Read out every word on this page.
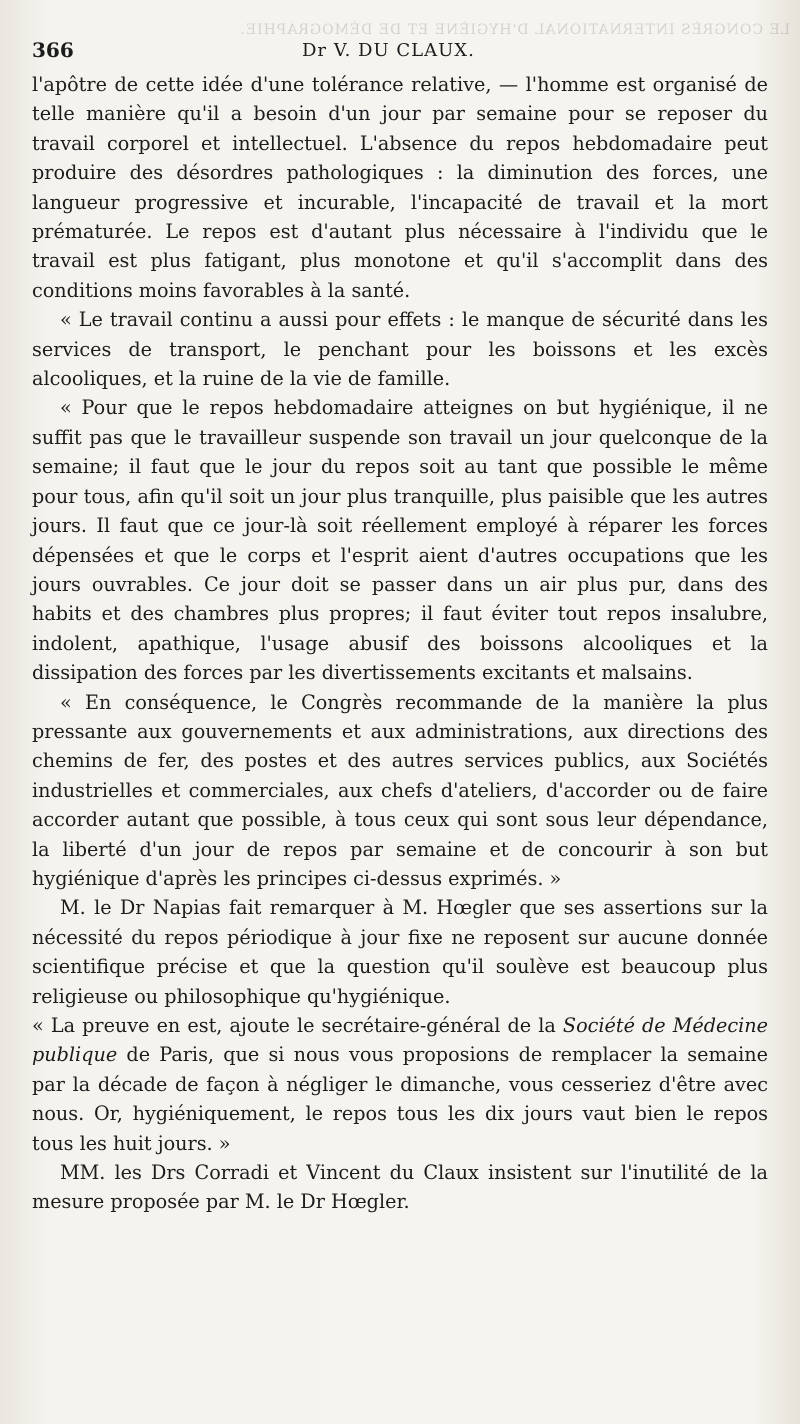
LE CONGRÈS INTERNATIONAL D'HYGIÈNE ET DE DÉMOGRAPHIE.
366	Dr V. DU CLAUX.

l'apôtre de cette idée d'une tolérance relative, — l'homme est organisé de telle manière qu'il a besoin d'un jour par semaine pour se reposer du travail corporel et intellectuel. L'absence du repos hebdomadaire peut produire des désordres pathologiques : la diminution des forces, une langueur progressive et incurable, l'incapacité de travail et la mort prématurée. Le repos est d'autant plus nécessaire à l'individu que le travail est plus fatigant, plus monotone et qu'il s'accomplit dans des conditions moins favorables à la santé.

« Le travail continu a aussi pour effets : le manque de sécurité dans les services de transport, le penchant pour les boissons et les excès alcooliques, et la ruine de la vie de famille.

« Pour que le repos hebdomadaire atteignes on but hygiénique, il ne suffit pas que le travailleur suspende son travail un jour quelconque de la semaine; il faut que le jour du repos soit au tant que possible le même pour tous, afin qu'il soit un jour plus tranquille, plus paisible que les autres jours. Il faut que ce jour-là soit réellement employé à réparer les forces dépensées et que le corps et l'esprit aient d'autres occupations que les jours ouvrables. Ce jour doit se passer dans un air plus pur, dans des habits et des chambres plus propres; il faut éviter tout repos insalubre, indolent, apathique, l'usage abusif des boissons alcooliques et la dissipation des forces par les divertissements excitants et malsains.

« En conséquence, le Congrès recommande de la manière la plus pressante aux gouvernements et aux administrations, aux directions des chemins de fer, des postes et des autres services publics, aux Sociétés industrielles et commerciales, aux chefs d'ateliers, d'accorder ou de faire accorder autant que possible, à tous ceux qui sont sous leur dépendance, la liberté d'un jour de repos par semaine et de concourir à son but hygiénique d'après les principes ci-dessus exprimés. »

M. le Dr Napias fait remarquer à M. Hœgler que ses assertions sur la nécessité du repos périodique à jour fixe ne reposent sur aucune donnée scientifique précise et que la question qu'il soulève est beaucoup plus religieuse ou philosophique qu'hygiénique.

« La preuve en est, ajoute le secrétaire-général de la Société de Médecine publique de Paris, que si nous vous proposions de remplacer la semaine par la décade de façon à négliger le dimanche, vous cesseriez d'être avec nous. Or, hygiéniquement, le repos tous les dix jours vaut bien le repos tous les huit jours. »

MM. les Drs Corradi et Vincent du Claux insistent sur l'inutilité de la mesure proposée par M. le Dr Hœgler.
